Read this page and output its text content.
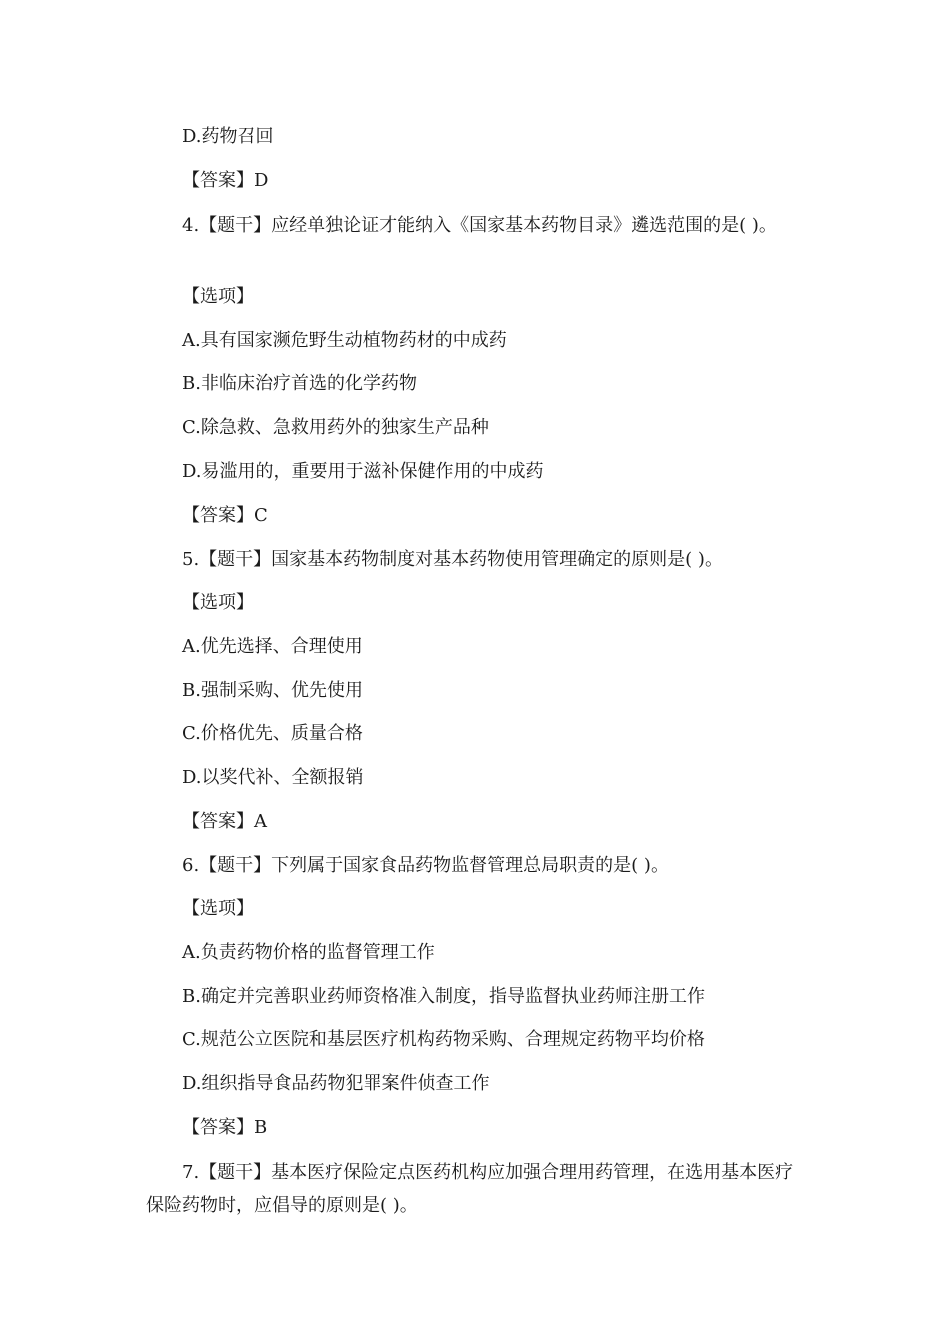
D.药物召回
【答案】D
4.【题干】应经单独论证才能纳入《国家基本药物目录》遴选范围的是( )。
【选项】
A.具有国家濒危野生动植物药材的中成药
B.非临床治疗首选的化学药物
C.除急救、急救用药外的独家生产品种
D.易滥用的，重要用于滋补保健作用的中成药
【答案】C
5.【题干】国家基本药物制度对基本药物使用管理确定的原则是( )。
【选项】
A.优先选择、合理使用
B.强制采购、优先使用
C.价格优先、质量合格
D.以奖代补、全额报销
【答案】A
6.【题干】下列属于国家食品药物监督管理总局职责的是( )。
【选项】
A.负责药物价格的监督管理工作
B.确定并完善职业药师资格准入制度，指导监督执业药师注册工作
C.规范公立医院和基层医疗机构药物采购、合理规定药物平均价格
D.组织指导食品药物犯罪案件侦查工作
【答案】B
7.【题干】基本医疗保险定点医药机构应加强合理用药管理，在选用基本医疗保险药物时，应倡导的原则是( )。
